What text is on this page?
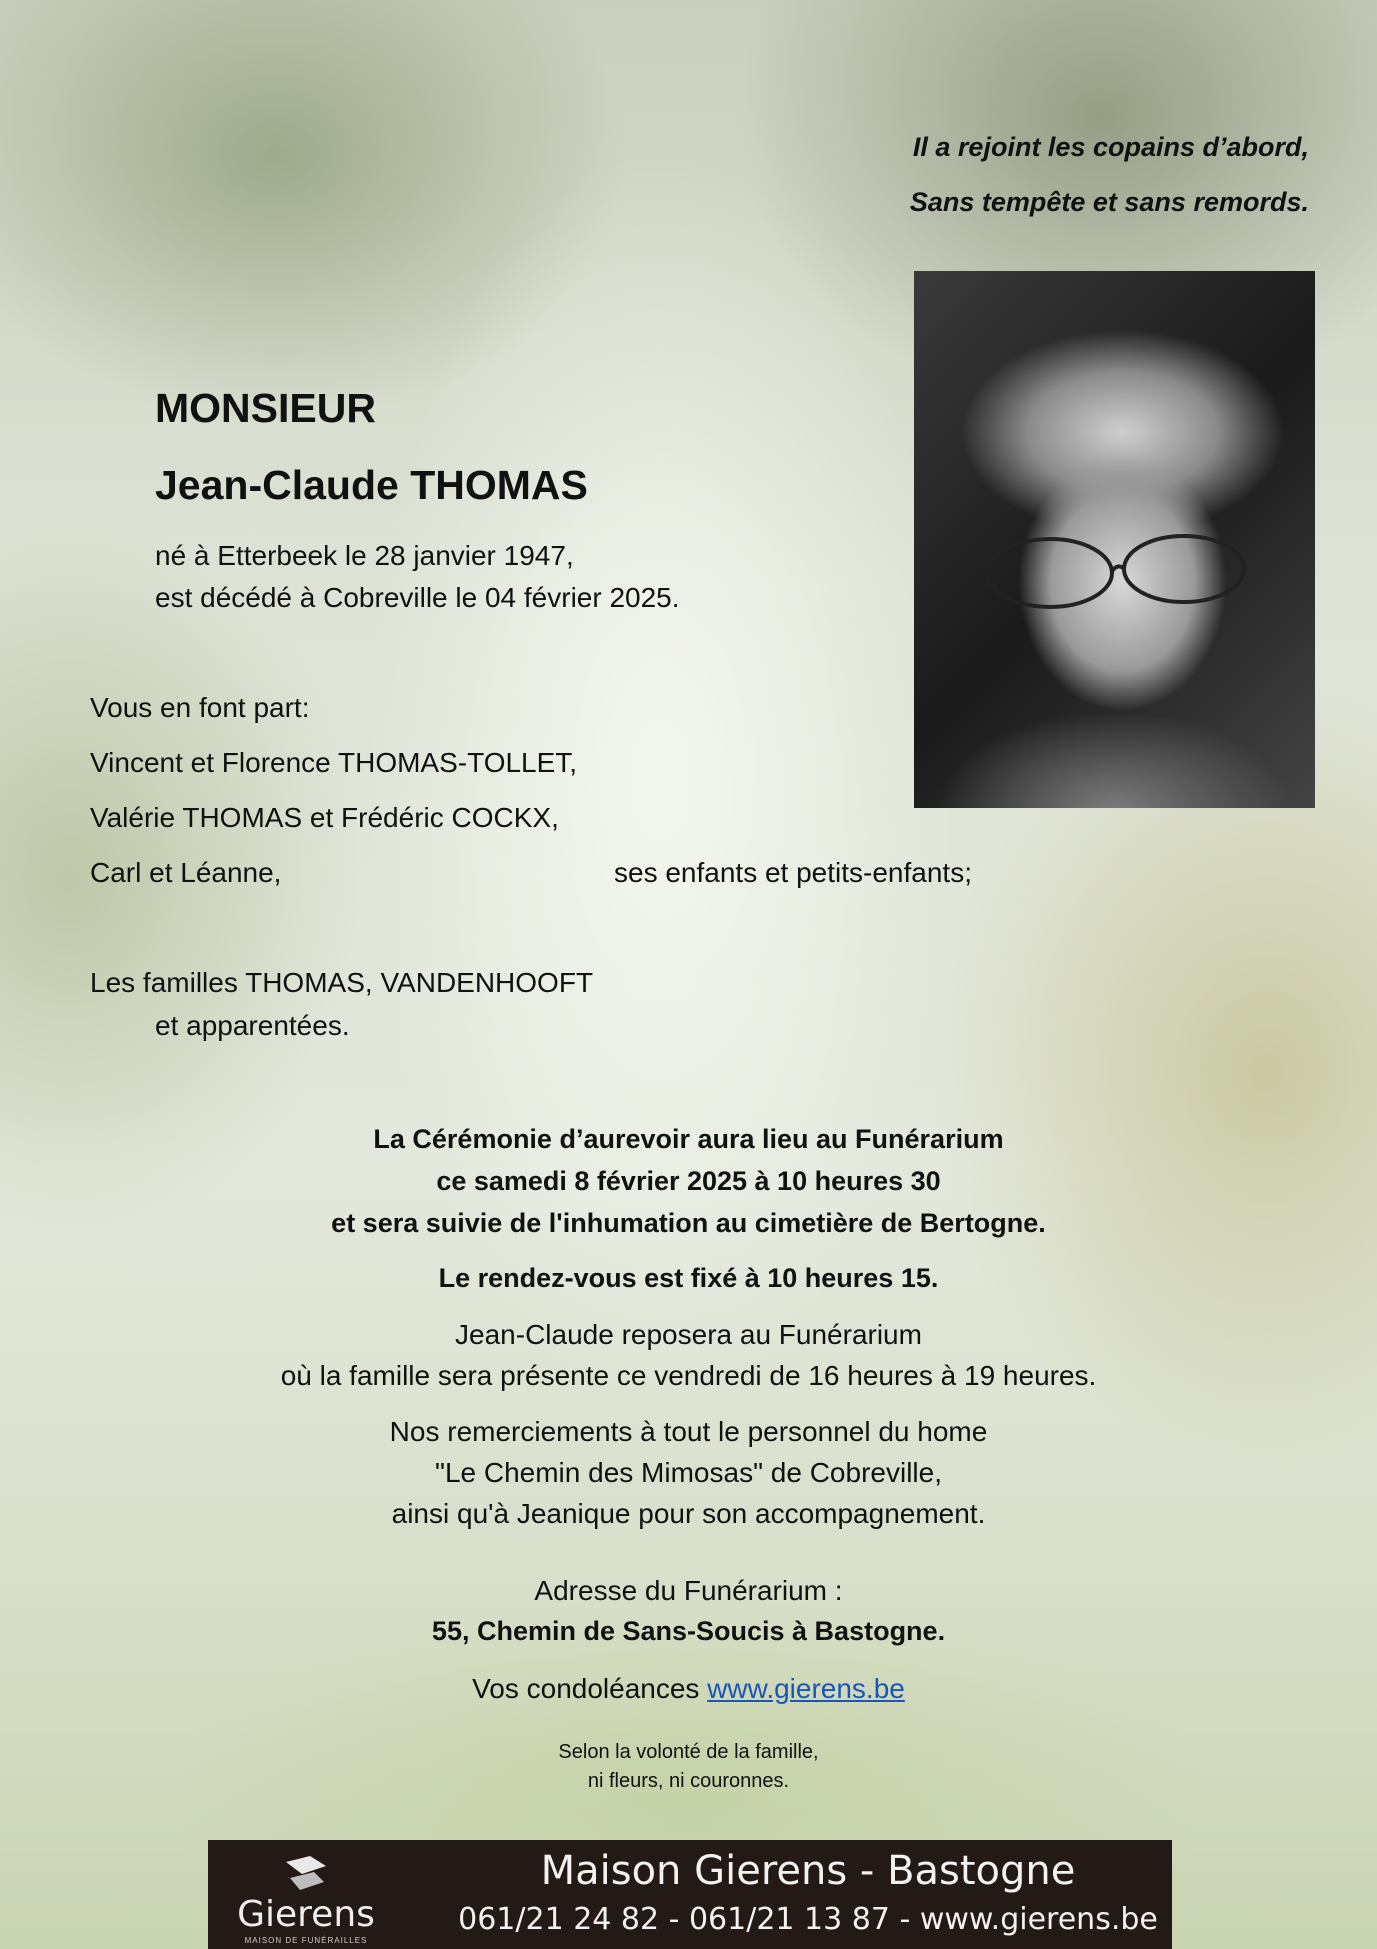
Il a rejoint les copains d’abord,
Sans tempête et sans remords.
MONSIEUR
Jean-Claude THOMAS
né à Etterbeek le 28 janvier 1947,
est décédé à Cobreville le 04 février 2025.
Vous en font part:
Vincent et Florence THOMAS-TOLLET,
Valérie THOMAS et Frédéric COCKX,
Carl et Léanne,	ses enfants et petits-enfants;
Les familles THOMAS, VANDENHOOFT
et apparentées.
La Cérémonie d’aurevoir aura lieu au Funérarium
ce samedi 8 février 2025 à 10 heures 30
et sera suivie de l'inhumation au cimetière de Bertogne.
Le rendez-vous est fixé à 10 heures 15.
Jean-Claude reposera au Funérarium
où la famille sera présente ce vendredi de 16 heures à 19 heures.
Nos remerciements à tout le personnel du home
"Le Chemin des Mimosas" de Cobreville,
ainsi qu'à Jeanique pour son accompagnement.
Adresse du Funérarium :
55, Chemin de Sans-Soucis à Bastogne.
Vos condoléances www.gierens.be
Selon la volonté de la famille,
ni fleurs, ni couronnes.
Gierens
MAISON DE FUNÉRAILLES
Maison Gierens - Bastogne
061/21 24 82 - 061/21 13 87 - www.gierens.be
